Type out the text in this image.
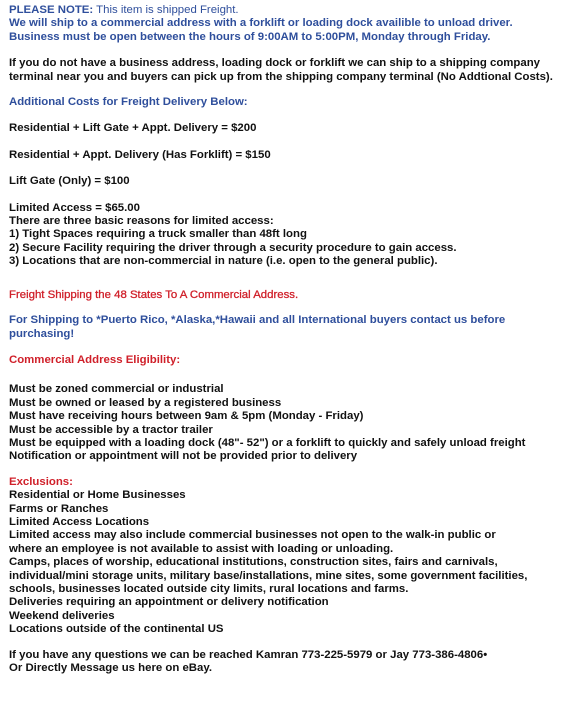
PLEASE NOTE: This item is shipped Freight.
We will ship to a commercial address with a forklift or loading dock availible to unload driver.
Business must be open between the hours of 9:00AM to 5:00PM, Monday through Friday.
If you do not have a business address, loading dock or forklift we can ship to a shipping company
terminal near you and buyers can pick up from the shipping company terminal (No Addtional Costs).
Additional Costs for Freight Delivery Below:
Residential + Lift Gate + Appt. Delivery = $200
Residential + Appt. Delivery (Has Forklift) = $150
Lift Gate (Only) = $100
Limited Access = $65.00
There are three basic reasons for limited access:
1) Tight Spaces requiring a truck smaller than 48ft long
2) Secure Facility requiring the driver through a security procedure to gain access.
3) Locations that are non-commercial in nature (i.e. open to the general public).
Freight Shipping the 48 States To A Commercial Address.
For Shipping to *Puerto Rico, *Alaska,*Hawaii and all International buyers contact us before
purchasing!
Commercial Address Eligibility:
Must be zoned commercial or industrial
Must be owned or leased by a registered business
Must have receiving hours between 9am & 5pm (Monday - Friday)
Must be accessible by a tractor trailer
Must be equipped with a loading dock (48"- 52") or a forklift to quickly and safely unload freight
Notification or appointment will not be provided prior to delivery
Exclusions:
Residential or Home Businesses
Farms or Ranches
Limited Access Locations
Limited access may also include commercial businesses not open to the walk-in public or
where an employee is not available to assist with loading or unloading.
Camps, places of worship, educational institutions, construction sites, fairs and carnivals,
individual/mini storage units, military base/installations, mine sites, some government facilities,
schools, businesses located outside city limits, rural locations and farms.
Deliveries requiring an appointment or delivery notification
Weekend deliveries
Locations outside of the continental US
If you have any questions we can be reached Kamran 773-225-5979 or Jay 773-386-4806•
Or Directly Message us here on eBay.
